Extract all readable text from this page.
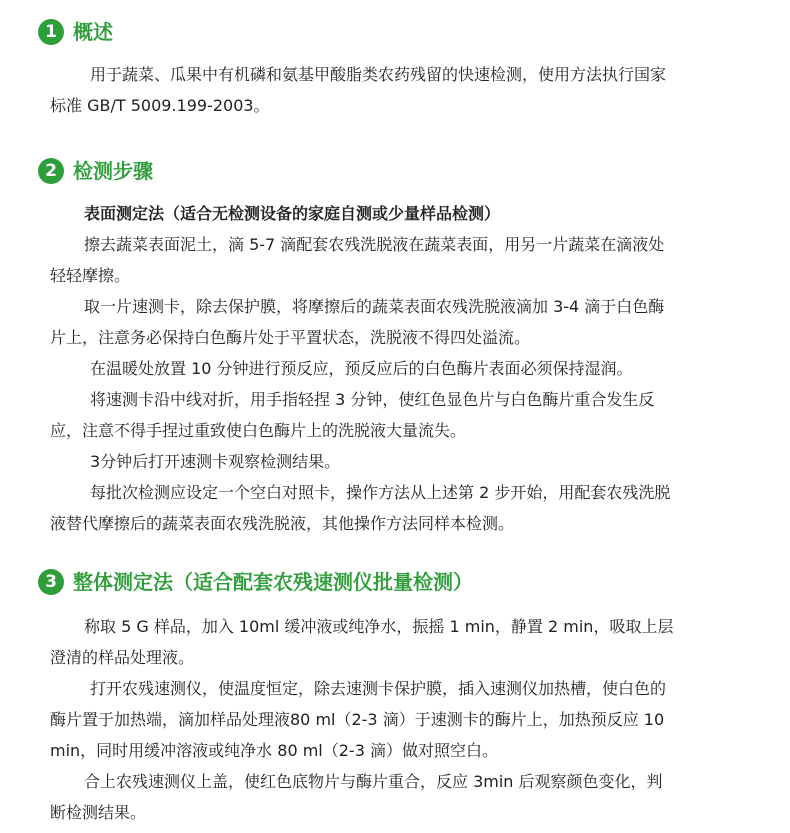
1 概述
用于蔬菜、瓜果中有机磷和氨基甲酸脂类农药残留的快速检测，使用方法执行国家
标准 GB/T 5009.199-2003。
2 检测步骤
表面测定法（适合无检测设备的家庭自测或少量样品检测）
擦去蔬菜表面泥土，滴 5-7 滴配套农残洗脱液在蔬菜表面，用另一片蔬菜在滴液处
轻轻摩擦。
取一片速测卡，除去保护膜，将摩擦后的蔬菜表面农残洗脱液滴加 3-4 滴于白色酶
片上，注意务必保持白色酶片处于平置状态，洗脱液不得四处溢流。
在温暖处放置 10 分钟进行预反应，预反应后的白色酶片表面必须保持湿润。
将速测卡沿中线对折，用手指轻捏 3 分钟，使红色显色片与白色酶片重合发生反
应，注意不得手捏过重致使白色酶片上的洗脱液大量流失。
3分钟后打开速测卡观察检测结果。
每批次检测应设定一个空白对照卡，操作方法从上述第 2 步开始，用配套农残洗脱
液替代摩擦后的蔬菜表面农残洗脱液，其他操作方法同样本检测。
3 整体测定法（适合配套农残速测仪批量检测）
称取 5 G 样品，加入 10ml 缓冲液或纯净水，振摇 1 min，静置 2 min，吸取上层
澄清的样品处理液。
打开农残速测仪，使温度恒定，除去速测卡保护膜，插入速测仪加热槽，使白色的
酶片置于加热端，滴加样品处理液80 ml（2-3 滴）于速测卡的酶片上，加热预反应 10
min，同时用缓冲溶液或纯净水 80 ml（2-3 滴）做对照空白。
合上农残速测仪上盖，使红色底物片与酶片重合，反应 3min 后观察颜色变化，判
断检测结果。
